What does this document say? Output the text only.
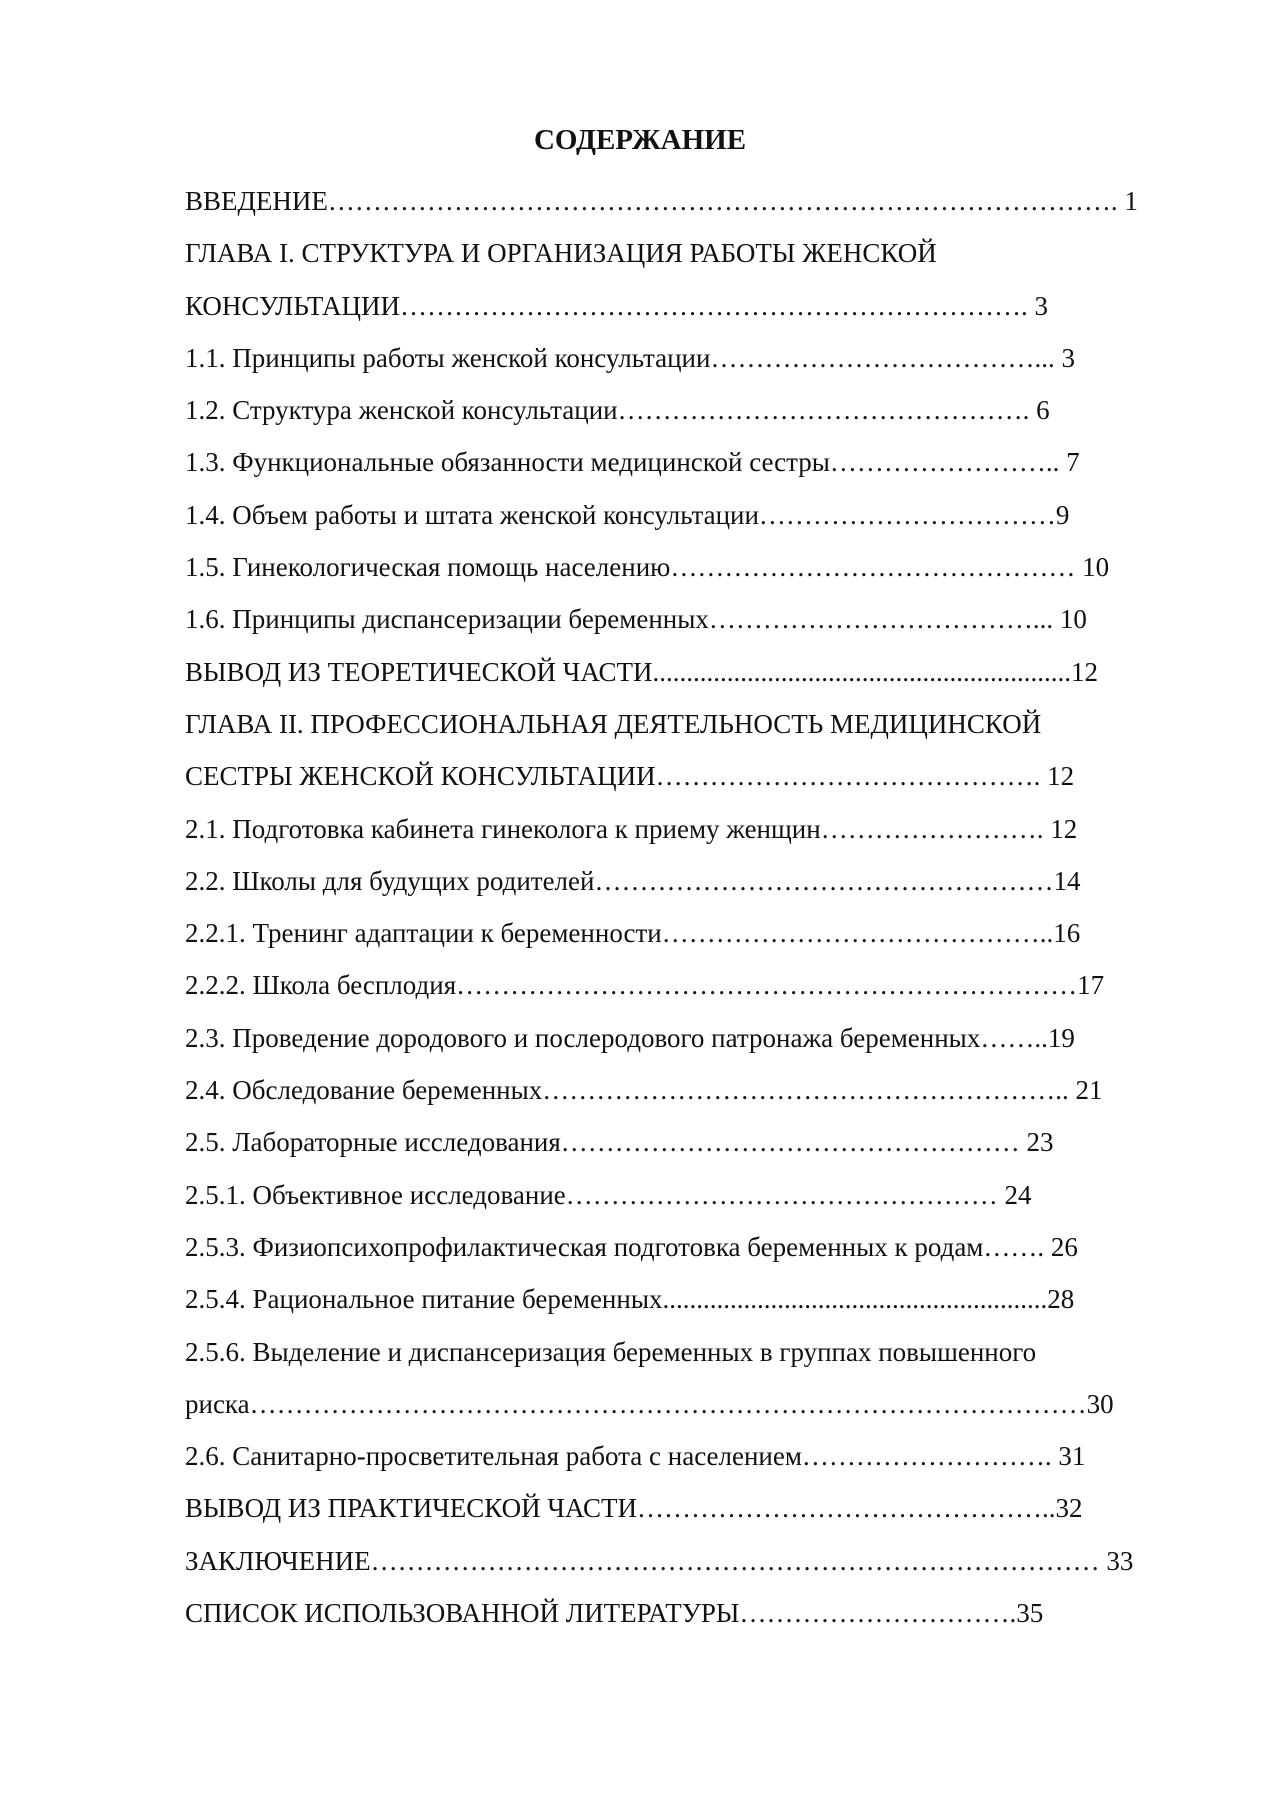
СОДЕРЖАНИЕ
ВВЕДЕНИЕ……………………………………………………………………………. 1
ГЛАВА I. СТРУКТУРА И ОРГАНИЗАЦИЯ РАБОТЫ ЖЕНСКОЙ
КОНСУЛЬТАЦИИ……………………………………………………………. 3
1.1. Принципы работы женской консультации………………………………... 3
1.2. Структура женской консультации………………………………………. 6
1.3. Функциональные обязанности медицинской сестры…………………….. 7
1.4. Объем работы и штата женской консультации……………………………9
1.5. Гинекологическая помощь населению……………………………………… 10
1.6. Принципы диспансеризации беременных………………………………... 10
ВЫВОД ИЗ ТЕОРЕТИЧЕСКОЙ ЧАСТИ..............................................................12
ГЛАВА II. ПРОФЕССИОНАЛЬНАЯ ДЕЯТЕЛЬНОСТЬ МЕДИЦИНСКОЙ
СЕСТРЫ ЖЕНСКОЙ КОНСУЛЬТАЦИИ……………………………………. 12
2.1. Подготовка кабинета гинеколога к приему женщин……………………. 12
2.2. Школы для будущих родителей……………………………………………14
2.2.1. Тренинг адаптации к беременности……………………………………..16
2.2.2. Школа бесплодия……………………………………………………………17
2.3. Проведение дородового и послеродового патронажа беременных……..19
2.4. Обследование беременных………………………………………………….. 21
2.5. Лабораторные исследования…………………………………………… 23
2.5.1. Объективное исследование………………………………………… 24
2.5.3. Физиопсихопрофилактическая подготовка беременных к родам……. 26
2.5.4. Рациональное питание беременных.........................................................28
2.5.6. Выделение и диспансеризация беременных в группах повышенного
риска…………………………………………………………………………………30
2.6. Санитарно-просветительная работа с населением………………………. 31
ВЫВОД ИЗ ПРАКТИЧЕСКОЙ ЧАСТИ………………………………………..32
ЗАКЛЮЧЕНИЕ……………………………………………………………………… 33
СПИСОК ИСПОЛЬЗОВАННОЙ ЛИТЕРАТУРЫ………………………….35
